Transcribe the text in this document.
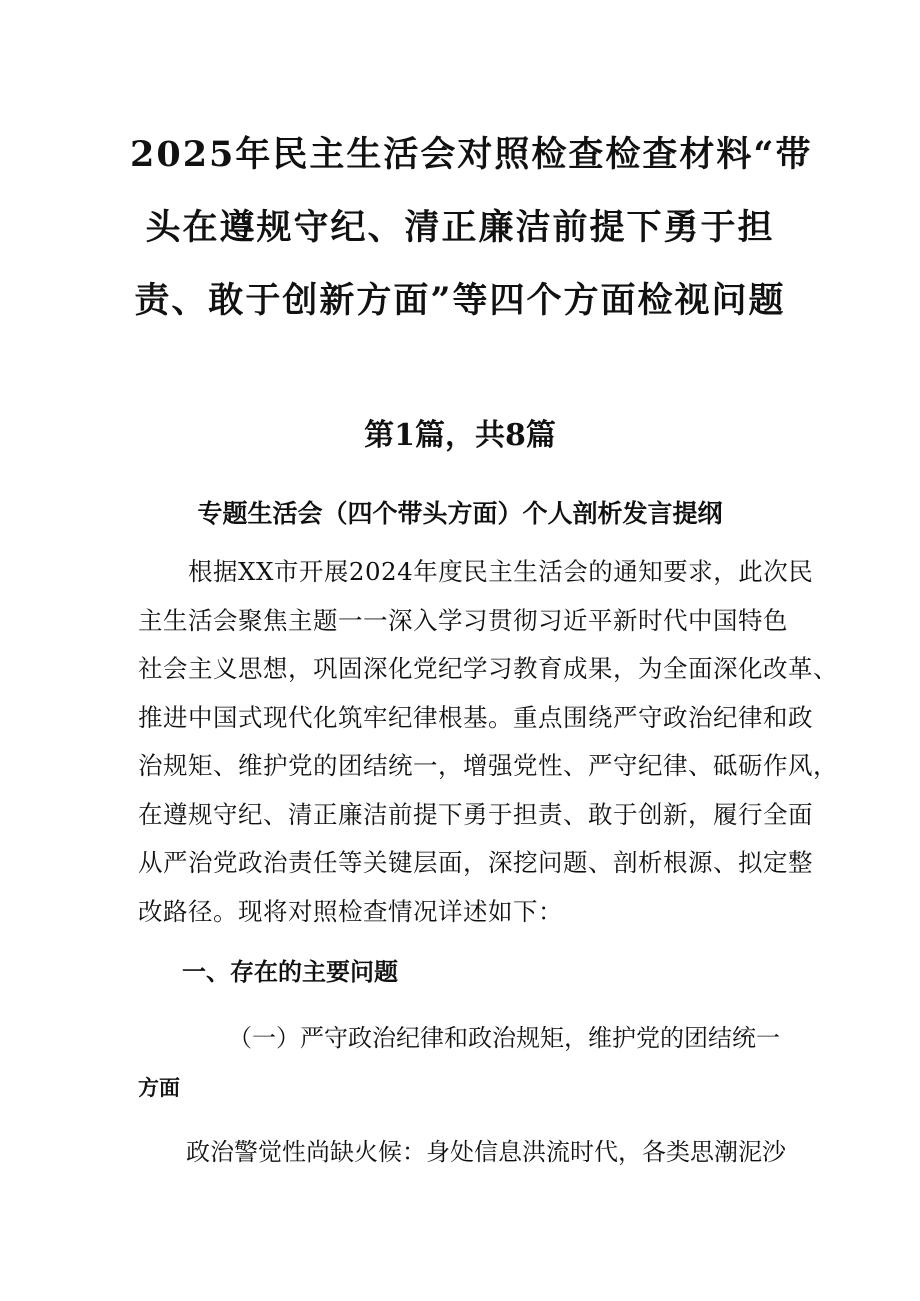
2025年民主生活会对照检查检查材料“带
头在遵规守纪、清正廉洁前提下勇于担
责、敢于创新方面”等四个方面检视问题
第1篇，共8篇
专题生活会（四个带头方面）个人剖析发言提纲
　　根据XX市开展2024年度民主生活会的通知要求，此次民
主生活会聚焦主题一一深入学习贯彻习近平新时代中国特色
社会主义思想，巩固深化党纪学习教育成果，为全面深化改革、
推进中国式现代化筑牢纪律根基。重点围绕严守政治纪律和政
治规矩、维护党的团结统一，增强党性、严守纪律、砥砺作风，
在遵规守纪、清正廉洁前提下勇于担责、敢于创新，履行全面
从严治党政治责任等关键层面，深挖问题、剖析根源、拟定整
改路径。现将对照检查情况详述如下：
一、存在的主要问题
（一）严守政治纪律和政治规矩，维护党的团结统一
方面
政治警觉性尚缺火候：身处信息洪流时代，各类思潮泥沙
